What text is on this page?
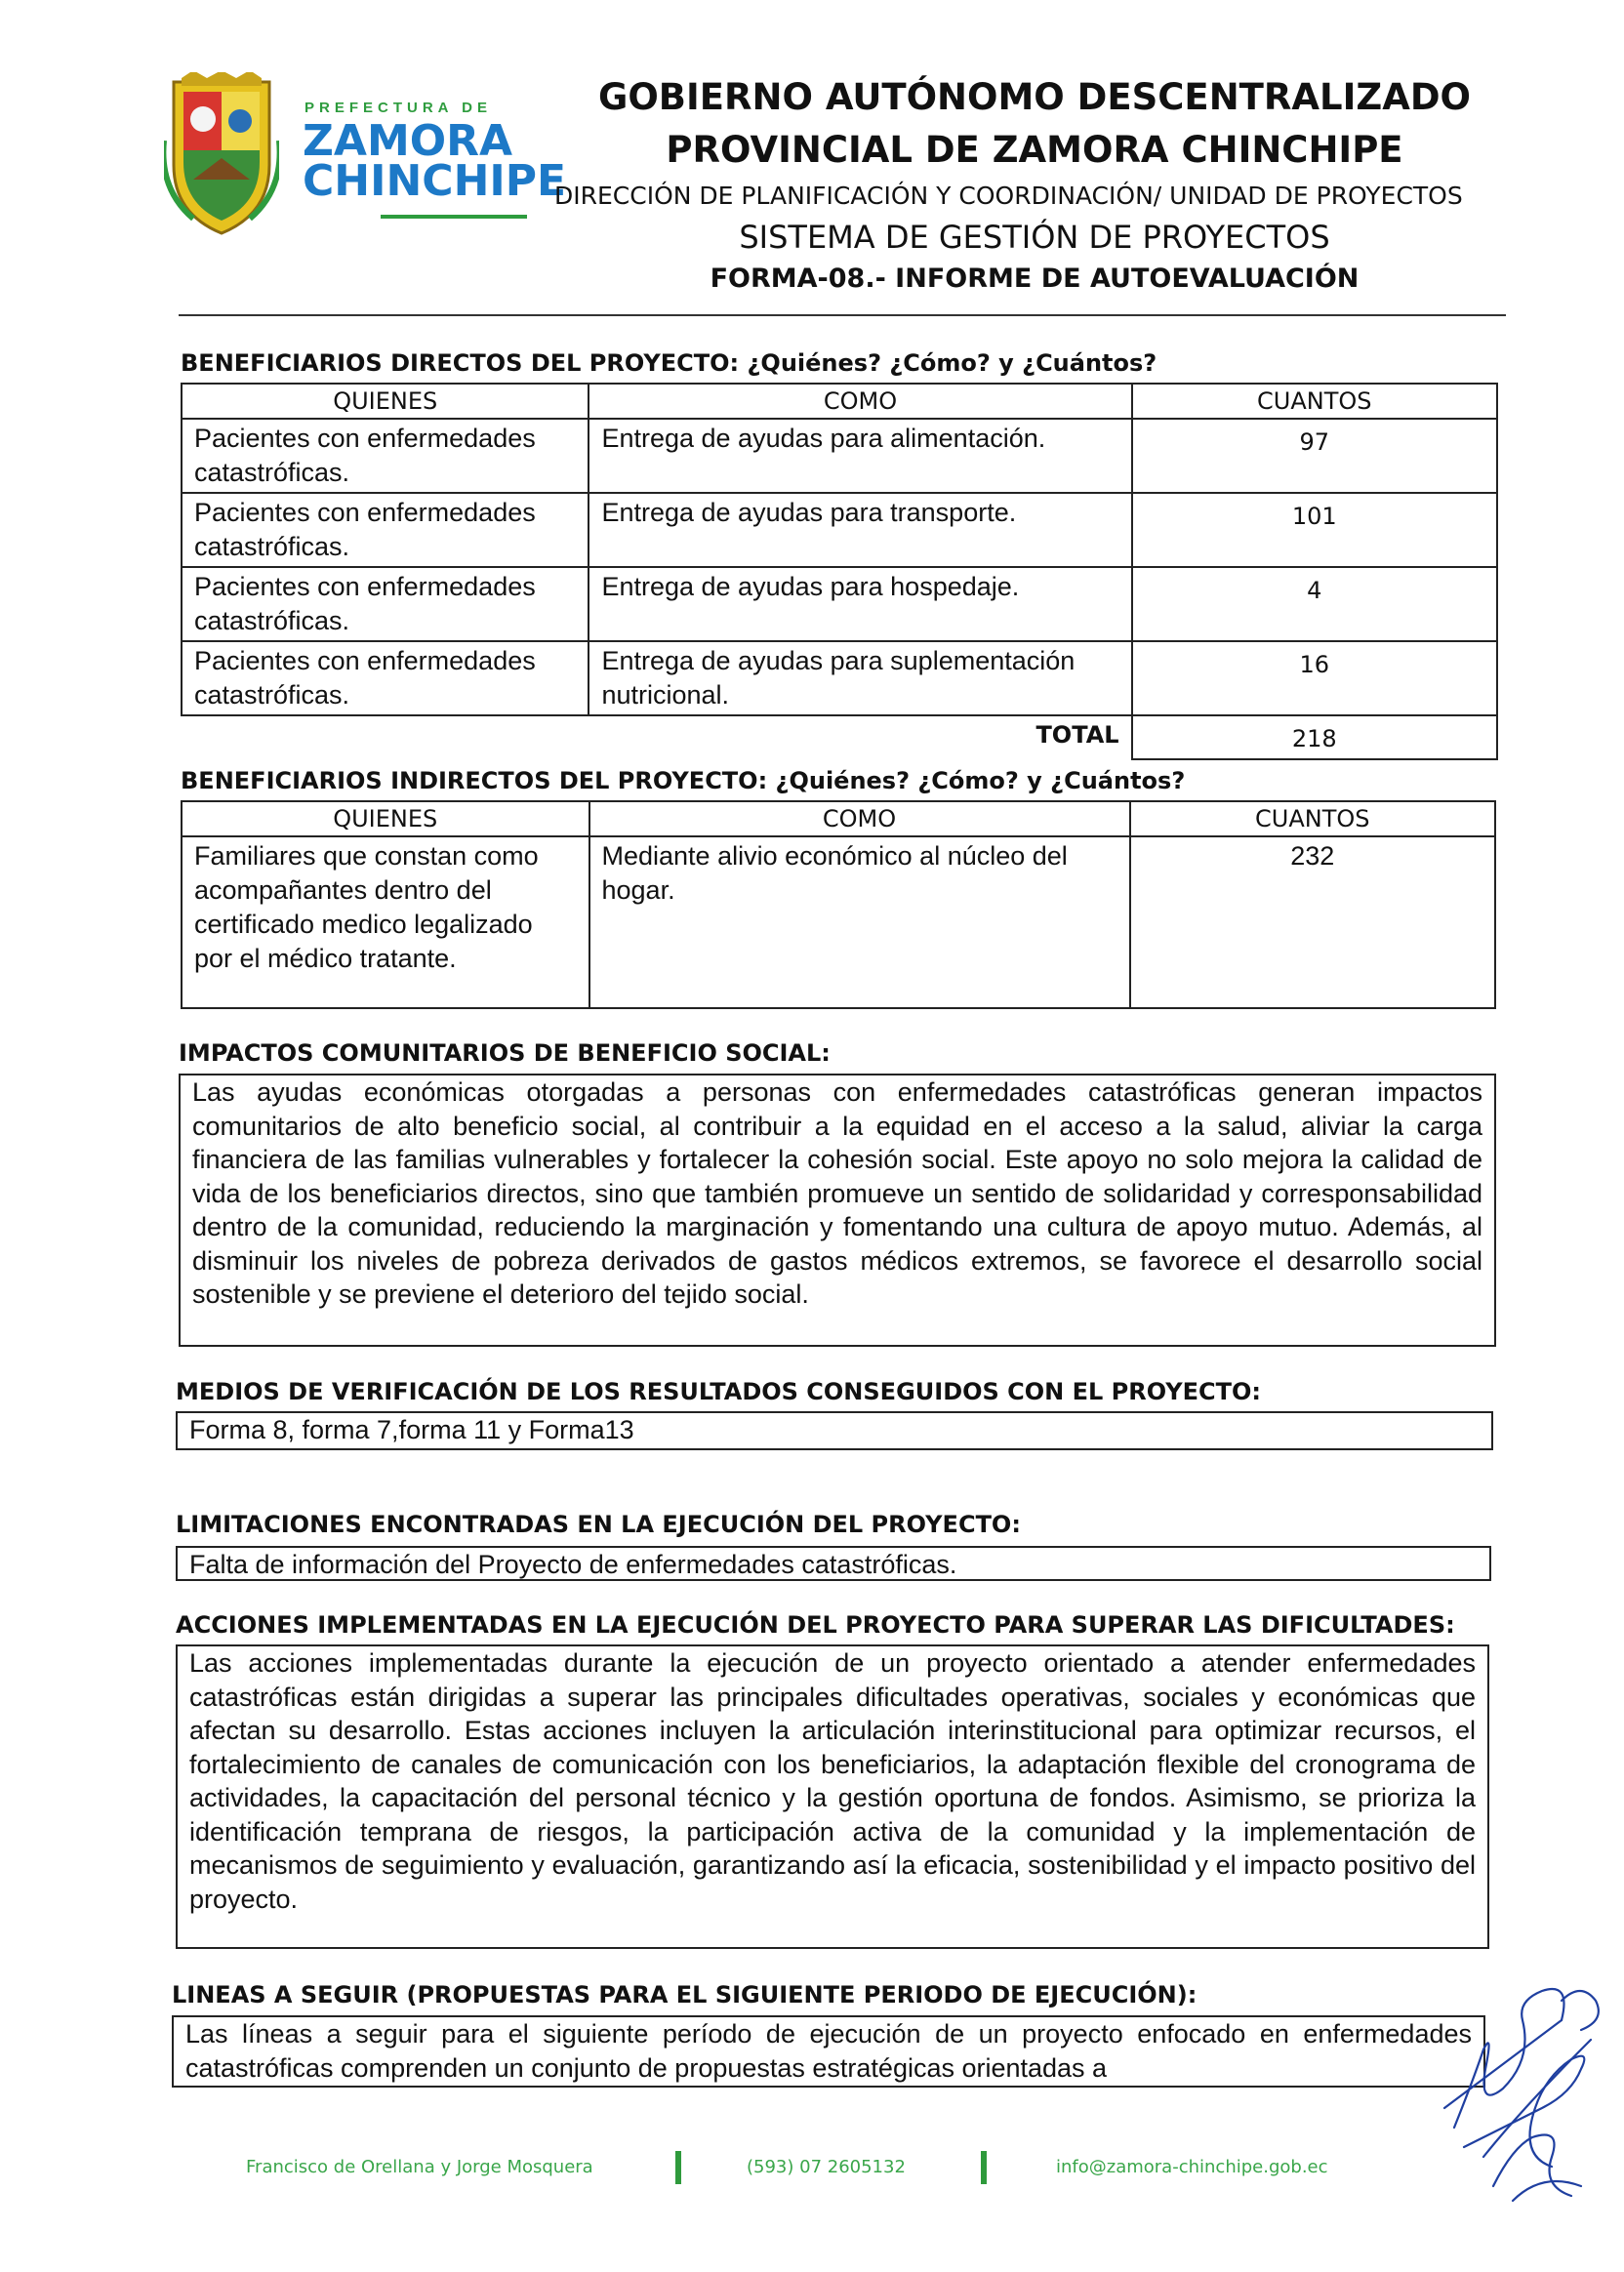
PREFECTURA DE
ZAMORA
CHINCHIPE
GOBIERNO AUTÓNOMO DESCENTRALIZADO
PROVINCIAL DE ZAMORA CHINCHIPE
DIRECCIÓN DE PLANIFICACIÓN Y COORDINACIÓN/ UNIDAD DE PROYECTOS
SISTEMA DE GESTIÓN DE PROYECTOS
FORMA-08.- INFORME DE AUTOEVALUACIÓN
BENEFICIARIOS DIRECTOS DEL PROYECTO: ¿Quiénes? ¿Cómo? y ¿Cuántos?
QUIENES	COMO	CUANTOS
Pacientes con enfermedades catastróficas.	Entrega de ayudas para alimentación.	97
Pacientes con enfermedades catastróficas.	Entrega de ayudas para transporte.	101
Pacientes con enfermedades catastróficas.	Entrega de ayudas para hospedaje.	4
Pacientes con enfermedades catastróficas.	Entrega de ayudas para suplementación nutricional.	16
	TOTAL	218
BENEFICIARIOS INDIRECTOS DEL PROYECTO: ¿Quiénes? ¿Cómo? y ¿Cuántos?
QUIENES	COMO	CUANTOS
Familiares que constan como acompañantes dentro del certificado medico legalizado por el médico tratante.	Mediante alivio económico al núcleo del hogar.	232
IMPACTOS COMUNITARIOS DE BENEFICIO SOCIAL:
Las ayudas económicas otorgadas a personas con enfermedades catastróficas generan impactos comunitarios de alto beneficio social, al contribuir a la equidad en el acceso a la salud, aliviar la carga financiera de las familias vulnerables y fortalecer la cohesión social. Este apoyo no solo mejora la calidad de vida de los beneficiarios directos, sino que también promueve un sentido de solidaridad y corresponsabilidad dentro de la comunidad, reduciendo la marginación y fomentando una cultura de apoyo mutuo. Además, al disminuir los niveles de pobreza derivados de gastos médicos extremos, se favorece el desarrollo social sostenible y se previene el deterioro del tejido social.
MEDIOS DE VERIFICACIÓN DE LOS RESULTADOS CONSEGUIDOS CON EL PROYECTO:
Forma 8, forma 7,forma 11 y Forma13
LIMITACIONES ENCONTRADAS EN LA EJECUCIÓN DEL PROYECTO:
Falta de información del Proyecto de enfermedades catastróficas.
ACCIONES IMPLEMENTADAS EN LA EJECUCIÓN DEL PROYECTO PARA SUPERAR LAS DIFICULTADES:
Las acciones implementadas durante la ejecución de un proyecto orientado a atender enfermedades catastróficas están dirigidas a superar las principales dificultades operativas, sociales y económicas que afectan su desarrollo. Estas acciones incluyen la articulación interinstitucional para optimizar recursos, el fortalecimiento de canales de comunicación con los beneficiarios, la adaptación flexible del cronograma de actividades, la capacitación del personal técnico y la gestión oportuna de fondos. Asimismo, se prioriza la identificación temprana de riesgos, la participación activa de la comunidad y la implementación de mecanismos de seguimiento y evaluación, garantizando así la eficacia, sostenibilidad y el impacto positivo del proyecto.
LINEAS A SEGUIR (PROPUESTAS PARA EL SIGUIENTE PERIODO DE EJECUCIÓN):
Las líneas a seguir para el siguiente período de ejecución de un proyecto enfocado en enfermedades catastróficas comprenden un conjunto de propuestas estratégicas orientadas a
Francisco de Orellana y Jorge Mosquera	(593) 07 2605132	info@zamora-chinchipe.gob.ec
